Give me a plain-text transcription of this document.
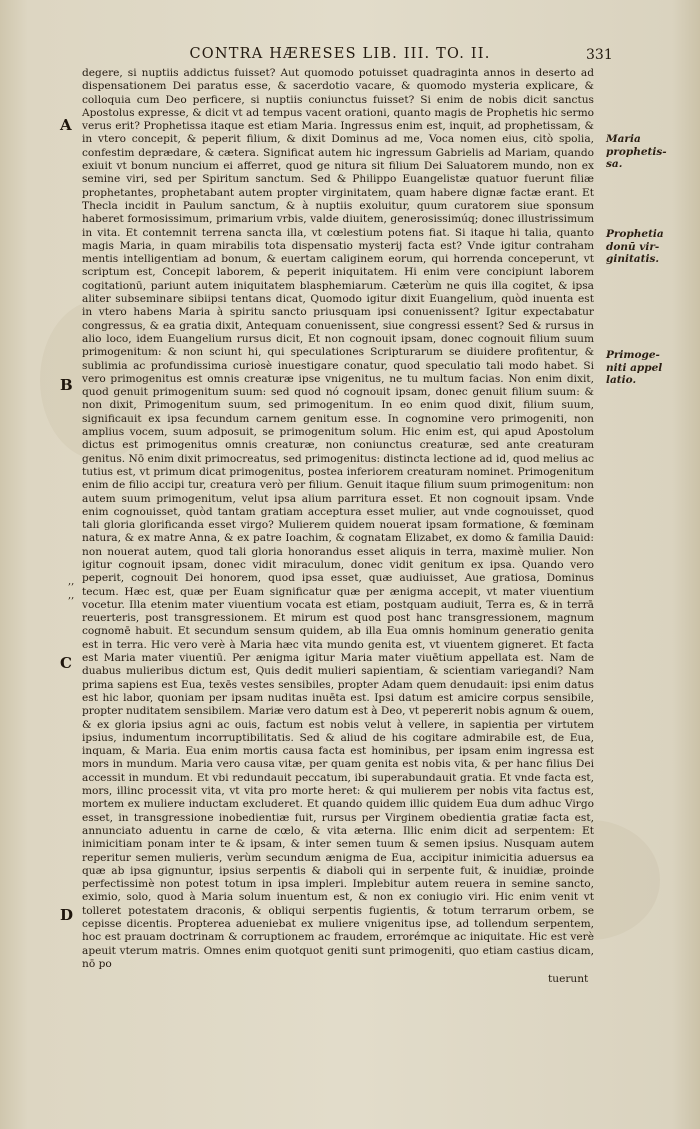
CONTRA HÆRESES LIB. III. TO. II.	331
A
B
C
D
,,
,,
Maria
prophetis-
sa.
Prophetia
donū vir-
ginitatis.
Primoge-
niti appel
latio.

degere, si nuptiis addictus fuisset? Aut quomodo potuisset quadraginta annos in deserto ad dispensationem Dei paratus esse, & sacerdotio vacare, & quomodo mysteria explicare, & colloquia cum Deo perficere, si nuptiis coniunctus fuisset? Si enim de nobis dicit sanctus Apostolus expresse, & dicit vt ad tempus vacent orationi, quanto magis de Prophetis hic sermo verus erit? Prophetissa itaque est etiam Maria. Ingressus enim est, inquit, ad prophetissam, & in vtero concepit, & peperit filium, & dixit Dominus ad me, Voca nomen eius, citò spolia, confestim deprædare, & cætera. Significat autem hic ingressum Gabrielis ad Mariam, quando exiuit vt bonum nuncium ei afferret, quod ge nitura sit filium Dei Saluatorem mundo, non ex semine viri, sed per Spiritum sanctum. Sed & Philippo Euangelistæ quatuor fuerunt filiæ prophetantes, prophetabant autem propter virginitatem, quam habere dignæ factæ erant. Et Thecla incidit in Paulum sanctum, & à nuptiis exoluitur, quum curatorem siue sponsum haberet formosissimum, primarium vrbis, valde diuitem, generosissimúq; donec illustrissimum in vita. Et contemnit terrena sancta illa, vt cœlestium potens fiat. Si itaque hi talia, quanto magis Maria, in quam mirabilis tota dispensatio mysterij facta est? Vnde igitur contraham mentis intelligentiam ad bonum, & euertam caliginem eorum, qui horrenda conceperunt, vt scriptum est, Concepit laborem, & peperit iniquitatem. Hi enim vere concipiunt laborem cogitationū, pariunt autem iniquitatem blasphemiarum. Cæterùm ne quis illa cogitet, & ipsa aliter subseminare sibiipsi tentans dicat, Quomodo igitur dixit Euangelium, quòd inuenta est in vtero habens Maria à spiritu sancto priusquam ipsi conuenissent? Igitur expectabatur congressus, & ea gratia dixit, Antequam conuenissent, siue congressi essent? Sed & rursus in alio loco, idem Euangelium rursus dicit, Et non cognouit ipsam, donec cognouit filium suum primogenitum: & non sciunt hi, qui speculationes Scripturarum se diuidere profitentur, & sublimia ac profundissima curiosè inuestigare conatur, quod speculatio tali modo habet. Si vero primogenitus est omnis creaturæ ipse vnigenitus, ne tu multum facias. Non enim dixit, quod genuit primogenitum suum: sed quod nó cognouit ipsam, donec genuit filium suum: & non dixit, Primogenitum suum, sed primogenitum. In eo enim quod dixit, filium suum, significauit ex ipsa fecundum carnem genitum esse. In cognomine vero primogeniti, non amplius vocem, suum adposuit, se primogenitum solum. Hic enim est, qui apud Apostolum dictus est primogenitus omnis creaturæ, non coniunctus creaturæ, sed ante creaturam genitus. Nō enim dixit primocreatus, sed primogenitus: distincta lectione ad id, quod melius ac tutius est, vt primum dicat primogenitus, postea inferiorem creaturam nominet. Primogenitum enim de filio accipi tur, creatura verò per filium. Genuit itaque filium suum primogenitum: non autem suum primogenitum, velut ipsa alium parritura esset. Et non cognouit ipsam. Vnde enim cognouisset, quòd tantam gratiam acceptura esset mulier, aut vnde cognouisset, quod tali gloria glorificanda esset virgo? Mulierem quidem nouerat ipsam formatione, & fœminam natura, & ex matre Anna, & ex patre Ioachim, & cognatam Elizabet, ex domo & familia Dauid: non nouerat autem, quod tali gloria honorandus esset aliquis in terra, maximè mulier. Non igitur cognouit ipsam, donec vidit miraculum, donec vidit genitum ex ipsa. Quando vero peperit, cognouit Dei honorem, quod ipsa esset, quæ audiuisset, Aue gratiosa, Dominus tecum. Hæc est, quæ per Euam significatur quæ per ænigma accepit, vt mater viuentium vocetur. Illa etenim mater viuentium vocata est etiam, postquam audiuit, Terra es, & in terrā reuerteris, post transgressionem. Et mirum est quod post hanc transgressionem, magnum cognomē habuit. Et secundum sensum quidem, ab illa Eua omnis hominum generatio genita est in terra. Hic vero verè à Maria hæc vita mundo genita est, vt viuentem gigneret. Et facta est Maria mater viuentiū. Per ænigma igitur Maria mater viuētium appellata est. Nam de duabus mulieribus dictum est, Quis dedit mulieri sapientiam, & scientiam variegandi? Nam prima sapiens est Eua, texēs vestes sensibiles, propter Adam quem denudauit: ipsi enim datus est hic labor, quoniam per ipsam nuditas inuēta est. Ipsi datum est amicire corpus sensibile, propter nuditatem sensibilem. Mariæ vero datum est à Deo, vt pepererit nobis agnum & ouem, & ex gloria ipsius agni ac ouis, factum est nobis velut à vellere, in sapientia per virtutem ipsius, indumentum incorruptibilitatis. Sed & aliud de his cogitare admirabile est, de Eua, inquam, & Maria. Eua enim mortis causa facta est hominibus, per ipsam enim ingressa est mors in mundum. Maria vero causa vitæ, per quam genita est nobis vita, & per hanc filius Dei accessit in mundum. Et vbi redundauit peccatum, ibi superabundauit gratia. Et vnde facta est, mors, illinc processit vita, vt vita pro morte heret: & qui mulierem per nobis vita factus est, mortem ex muliere inductam excluderet. Et quando quidem illic quidem Eua dum adhuc Virgo esset, in transgressione inobedientiæ fuit, rursus per Virginem obedientia gratiæ facta est, annunciato aduentu in carne de cœlo, & vita æterna. Illic enim dicit ad serpentem: Et inimicitiam ponam inter te & ipsam, & inter semen tuum & semen ipsius. Nusquam autem reperitur semen mulieris, verùm secundum ænigma de Eua, accipitur inimicitia aduersus ea quæ ab ipsa gignuntur, ipsius serpentis & diaboli qui in serpente fuit, & inuidiæ, proinde perfectissimè non potest totum in ipsa impleri. Implebitur autem reuera in semine sancto, eximio, solo, quod à Maria solum inuentum est, & non ex coniugio viri. Hic enim venit vt tolleret potestatem draconis, & obliqui serpentis fugientis, & totum terrarum orbem, se cepisse dicentis. Propterea adueniebat ex muliere vnigenitus ipse, ad tollendum serpentem, hoc est prauam doctrinam & corruptionem ac fraudem, errorémque ac iniquitate. Hic est verè apeuit vterum matris. Omnes enim quotquot geniti sunt primogeniti, quo etiam castius dicam, nō po

tuerunt
